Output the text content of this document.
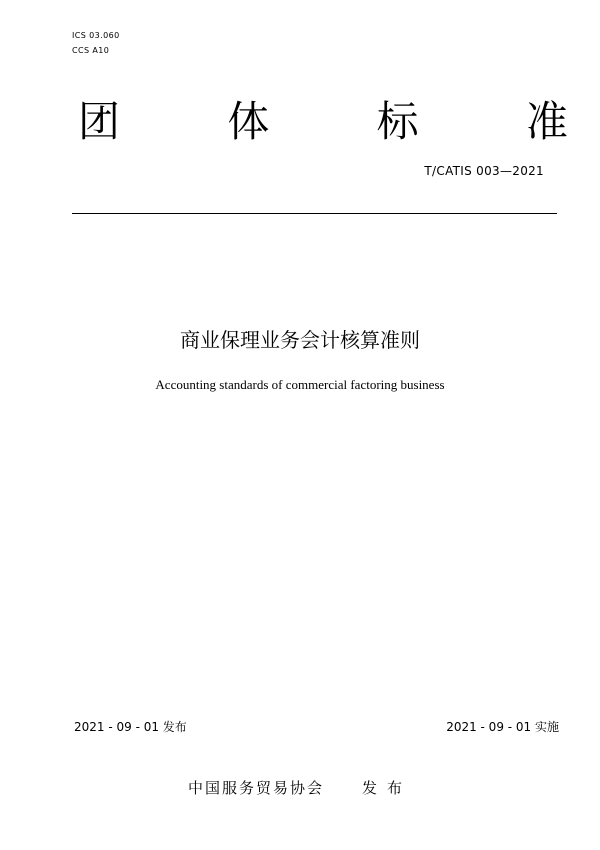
ICS 03.060
CCS A10
团	体	标	准
T/CATIS 003—2021
商业保理业务会计核算准则
Accounting standards of commercial factoring business
2021 - 09 - 01 发布	2021 - 09 - 01 实施
中国服务贸易协会	发布
